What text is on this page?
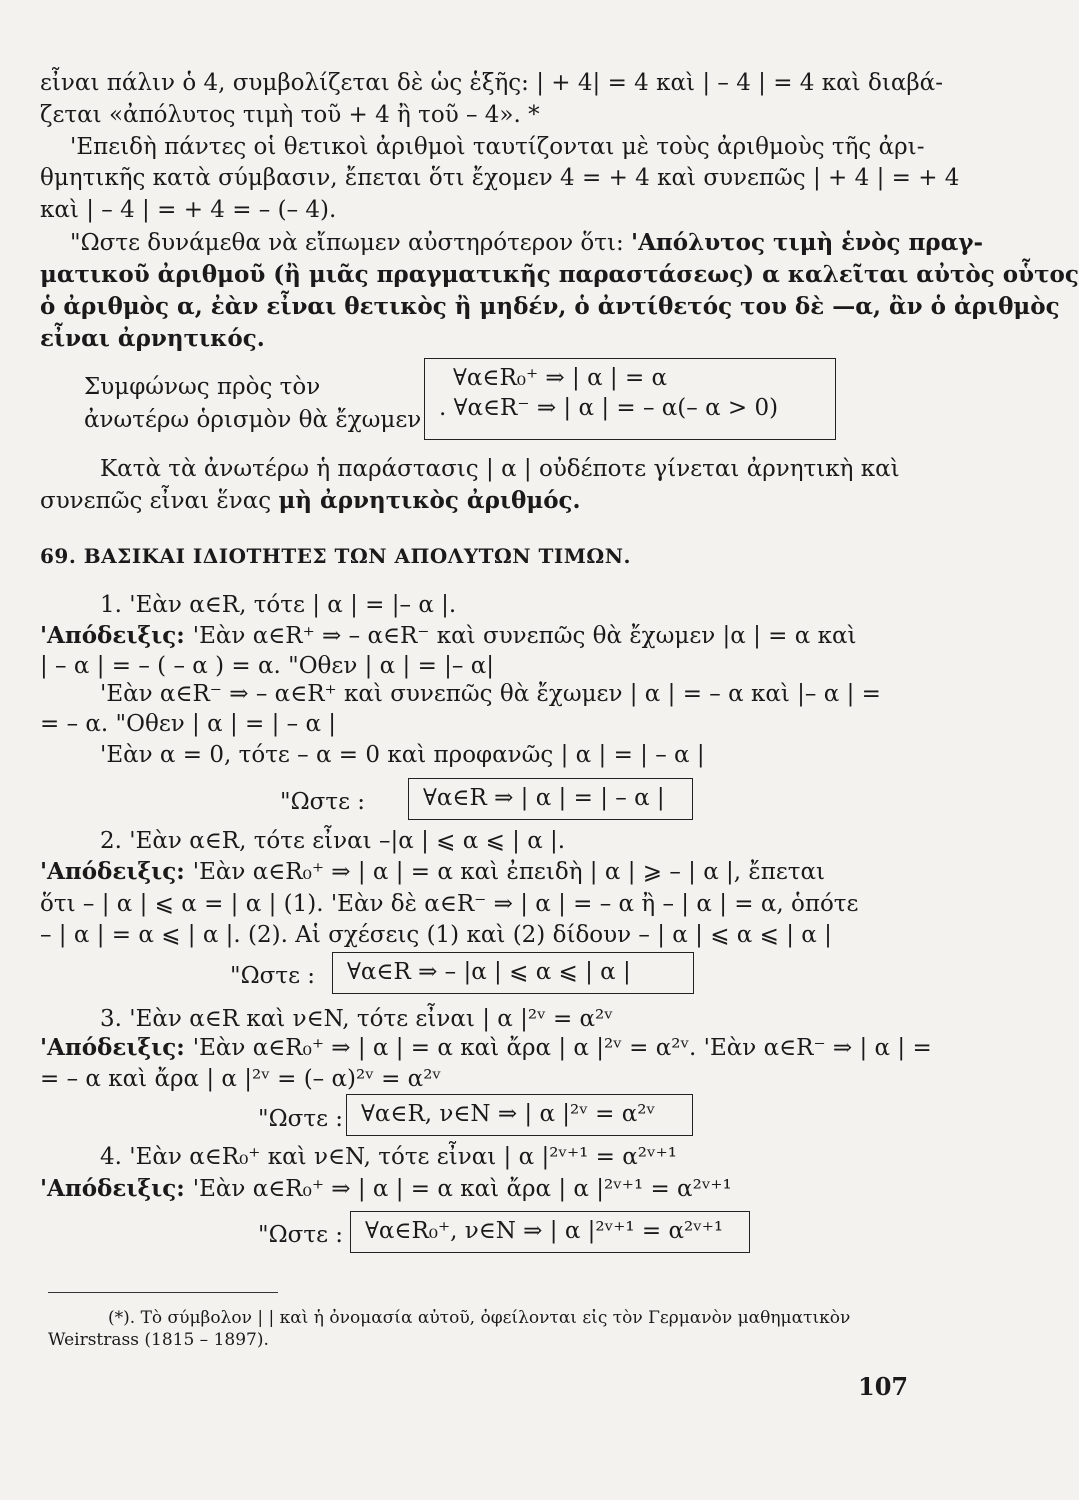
εἶναι πάλιν ὁ 4, συμβολίζεται δὲ ὡς ἑξῆς: | + 4| = 4 καὶ | – 4 | = 4 καὶ διαβά-
ζεται «ἀπόλυτος τιμὴ τοῦ + 4 ἢ τοῦ – 4». *
'Επειδὴ πάντες οἱ θετικοὶ ἀριθμοὶ ταυτίζονται μὲ τοὺς ἀριθμοὺς τῆς ἀρι-
θμητικῆς κατὰ σύμβασιν, ἔπεται ὅτι ἔχομεν 4 = + 4 καὶ συνεπῶς | + 4 | = + 4
καὶ | – 4 | = + 4 = – (– 4).
"Ωστε δυνάμεθα νὰ εἴπωμεν αὐστηρότερον ὅτι: 'Απόλυτος τιμὴ ἑνὸς πραγ-
ματικοῦ ἀριθμοῦ (ἢ μιᾶς πραγματικῆς παραστάσεως) α καλεῖται αὐτὸς οὗτος
ὁ ἀριθμὸς α, ἐὰν εἶναι θετικὸς ἢ μηδέν, ὁ ἀντίθετός του δὲ —α, ἂν ὁ ἀριθμὸς
εἶναι ἀρνητικός.
Συμφώνως πρὸς τὸν
ἀνωτέρω ὁρισμὸν θὰ ἔχωμεν
∀α∈R₀⁺ ⇒ | α | = α
. ∀α∈R⁻ ⇒ | α | = – α(– α > 0)
Κατὰ τὰ ἀνωτέρω ἡ παράστασις | α | οὐδέποτε γίνεται ἀρνητικὴ καὶ
συνεπῶς εἶναι ἕνας μὴ ἀρνητικὸς ἀριθμός.
69. ΒΑΣΙΚΑΙ ΙΔΙΟΤΗΤΕΣ ΤΩΝ ΑΠΟΛΥΤΩΝ ΤΙΜΩΝ.
1. 'Εὰν α∈R, τότε | α | = |– α |.
'Απόδειξις: 'Εὰν α∈R⁺ ⇒ – α∈R⁻ καὶ συνεπῶς θὰ ἔχωμεν |α | = α καὶ
| – α | = – ( – α ) = α. "Οθεν | α | = |– α|
'Εὰν α∈R⁻ ⇒ – α∈R⁺ καὶ συνεπῶς θὰ ἔχωμεν | α | = – α καὶ |– α | =
= – α. "Οθεν | α | = | – α |
'Εὰν α = 0, τότε – α = 0 καὶ προφανῶς | α | = | – α |
"Ωστε :	∀α∈R ⇒ | α | = | – α |
2. 'Εὰν α∈R, τότε εἶναι –|α | ⩽ α ⩽ | α |.
'Απόδειξις: 'Εὰν α∈R₀⁺ ⇒ | α | = α καὶ ἐπειδὴ | α | ⩾ – | α |, ἔπεται
ὅτι – | α | ⩽ α = | α | (1). 'Εὰν δὲ α∈R⁻ ⇒ | α | = – α ἢ – | α | = α, ὁπότε
– | α | = α ⩽ | α |. (2). Αἱ σχέσεις (1) καὶ (2) δίδουν – | α | ⩽ α ⩽ | α |
"Ωστε :	∀α∈R ⇒ – |α | ⩽ α ⩽ | α |
3. 'Εὰν α∈R καὶ ν∈N, τότε εἶναι | α |²ᵛ = α²ᵛ
'Απόδειξις: 'Εὰν α∈R₀⁺ ⇒ | α | = α καὶ ἄρα | α |²ᵛ = α²ᵛ. 'Εὰν α∈R⁻ ⇒ | α | =
= – α καὶ ἄρα | α |²ᵛ = (– α)²ᵛ = α²ᵛ
"Ωστε : ∀α∈R, ν∈N ⇒ | α |²ᵛ = α²ᵛ
4. 'Εὰν α∈R₀⁺ καὶ ν∈N, τότε εἶναι | α |²ᵛ⁺¹ = α²ᵛ⁺¹
'Απόδειξις: 'Εὰν α∈R₀⁺ ⇒ | α | = α καὶ ἄρα | α |²ᵛ⁺¹ = α²ᵛ⁺¹
"Ωστε : ∀α∈R₀⁺, ν∈N ⇒ | α |²ᵛ⁺¹ = α²ᵛ⁺¹
(*). Τὸ σύμβολον | | καὶ ἡ ὀνομασία αὐτοῦ, ὀφείλονται εἰς τὸν Γερμανὸν μαθηματικὸν
Weirstrass (1815 – 1897).
107
